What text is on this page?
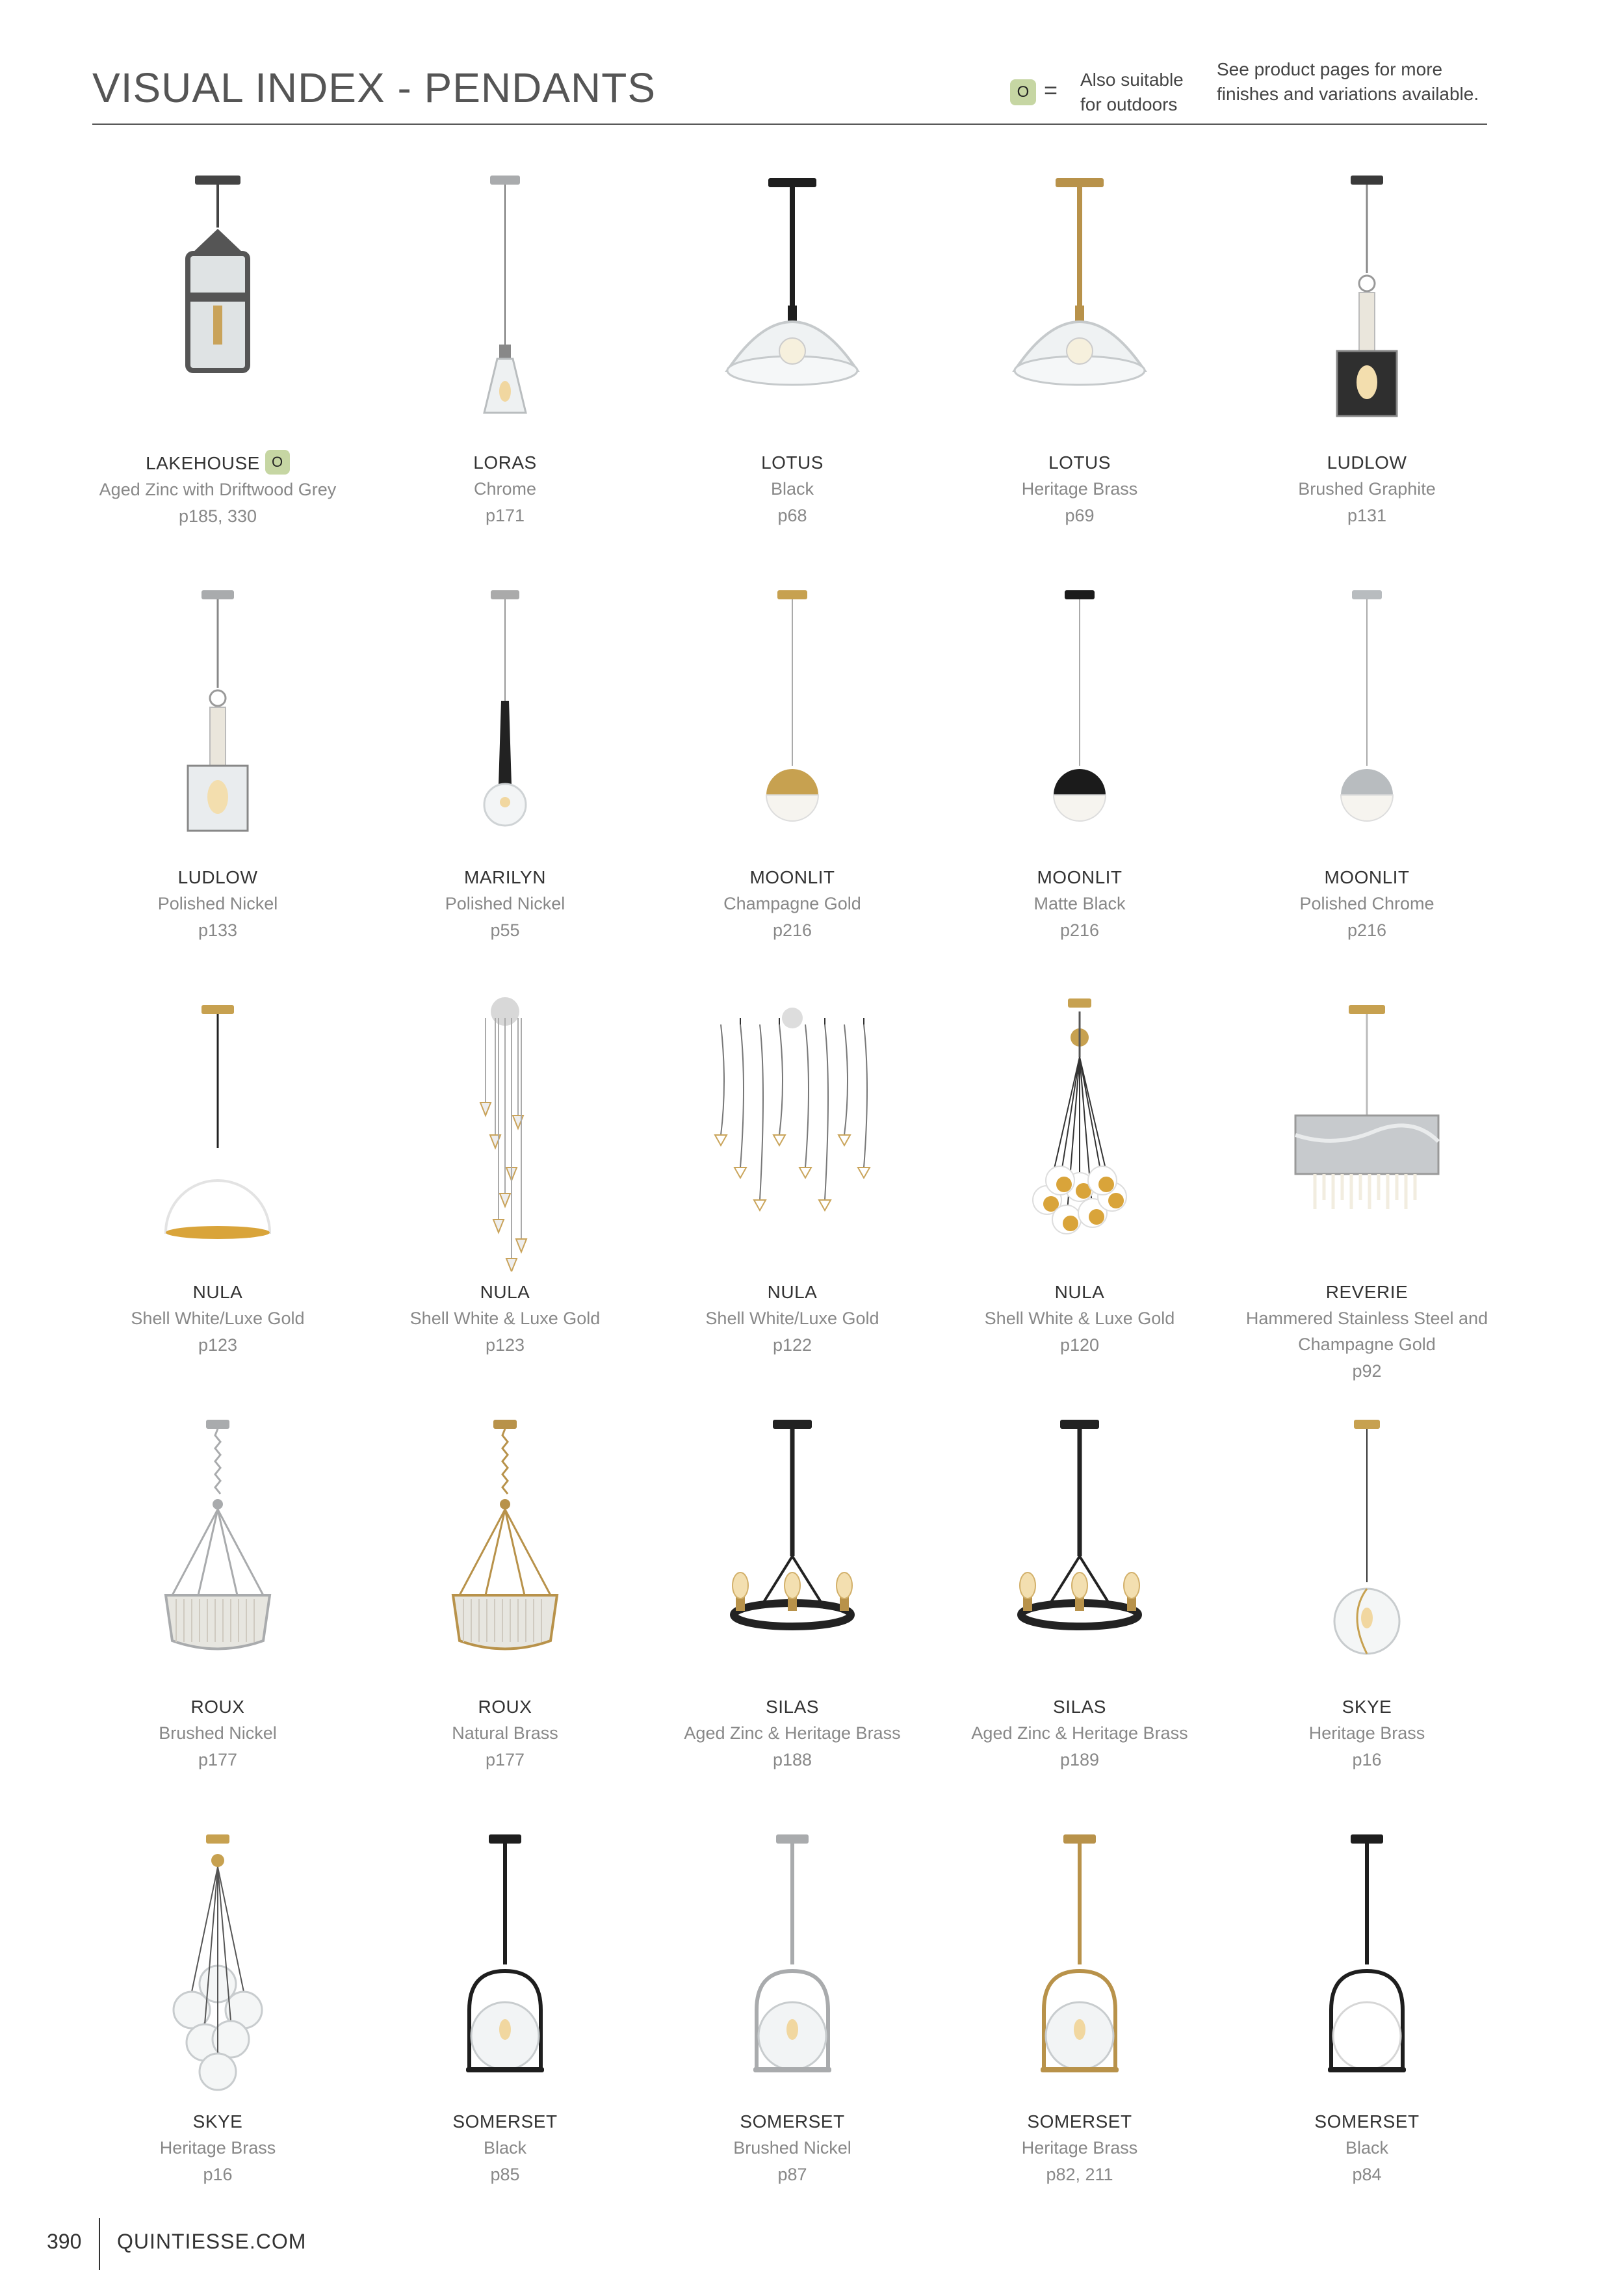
VISUAL INDEX - PENDANTS	O = Also suitable
for outdoors
See product pages for more
finishes and variations available.
LAKEHOUSE O
Aged Zinc with Driftwood Grey
p185, 330
LORAS
Chrome
p171
LOTUS
Black
p68
LOTUS
Heritage Brass
p69
LUDLOW
Brushed Graphite
p131
LUDLOW
Polished Nickel
p133
MARILYN
Polished Nickel
p55
MOONLIT
Champagne Gold
p216
MOONLIT
Matte Black
p216
MOONLIT
Polished Chrome
p216
NULA
Shell White/Luxe Gold
p123
NULA
Shell White & Luxe Gold
p123
NULA
Shell White/Luxe Gold
p122
NULA
Shell White & Luxe Gold
p120
REVERIE
Hammered Stainless Steel and Champagne Gold
p92
ROUX
Brushed Nickel
p177
ROUX
Natural Brass
p177
SILAS
Aged Zinc & Heritage Brass
p188
SILAS
Aged Zinc & Heritage Brass
p189
SKYE
Heritage Brass
p16
SKYE
Heritage Brass
p16
SOMERSET
Black
p85
SOMERSET
Brushed Nickel
p87
SOMERSET
Heritage Brass
p82, 211
SOMERSET
Black
p84
390 QUINTIESSE.COM
